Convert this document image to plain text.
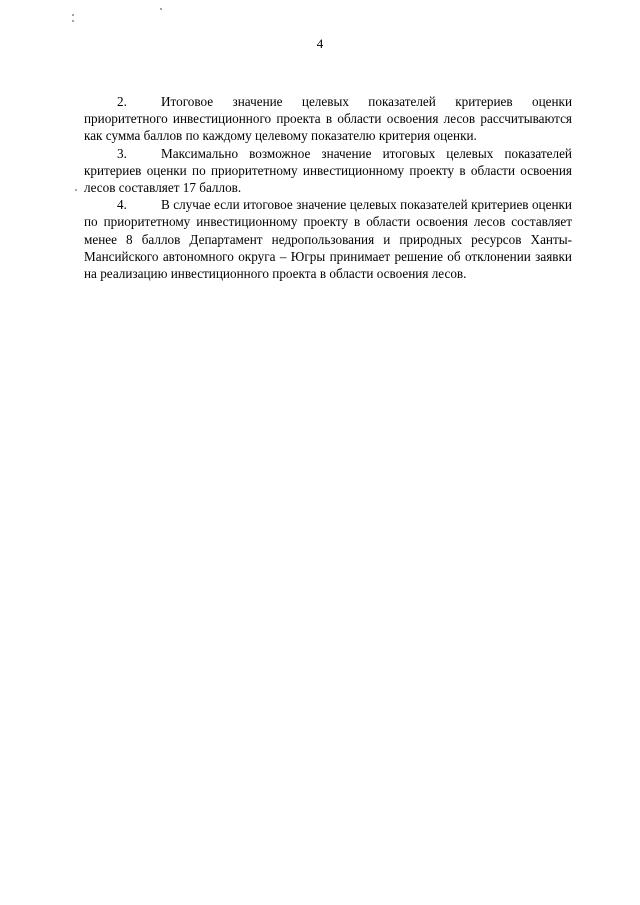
4

2.	Итоговое значение целевых показателей критериев оценки приоритетного инвестиционного проекта в области освоения лесов рассчитываются как сумма баллов по каждому целевому показателю критерия оценки.

3.	Максимально возможное значение итоговых целевых показателей критериев оценки по приоритетному инвестиционному проекту в области освоения лесов составляет 17 баллов.

4.	В случае если итоговое значение целевых показателей критериев оценки по приоритетному инвестиционному проекту в области освоения лесов составляет менее 8 баллов Департамент недропользования и природных ресурсов Ханты-Мансийского автономного округа – Югры принимает решение об отклонении заявки на реализацию инвестиционного проекта в области освоения лесов.
